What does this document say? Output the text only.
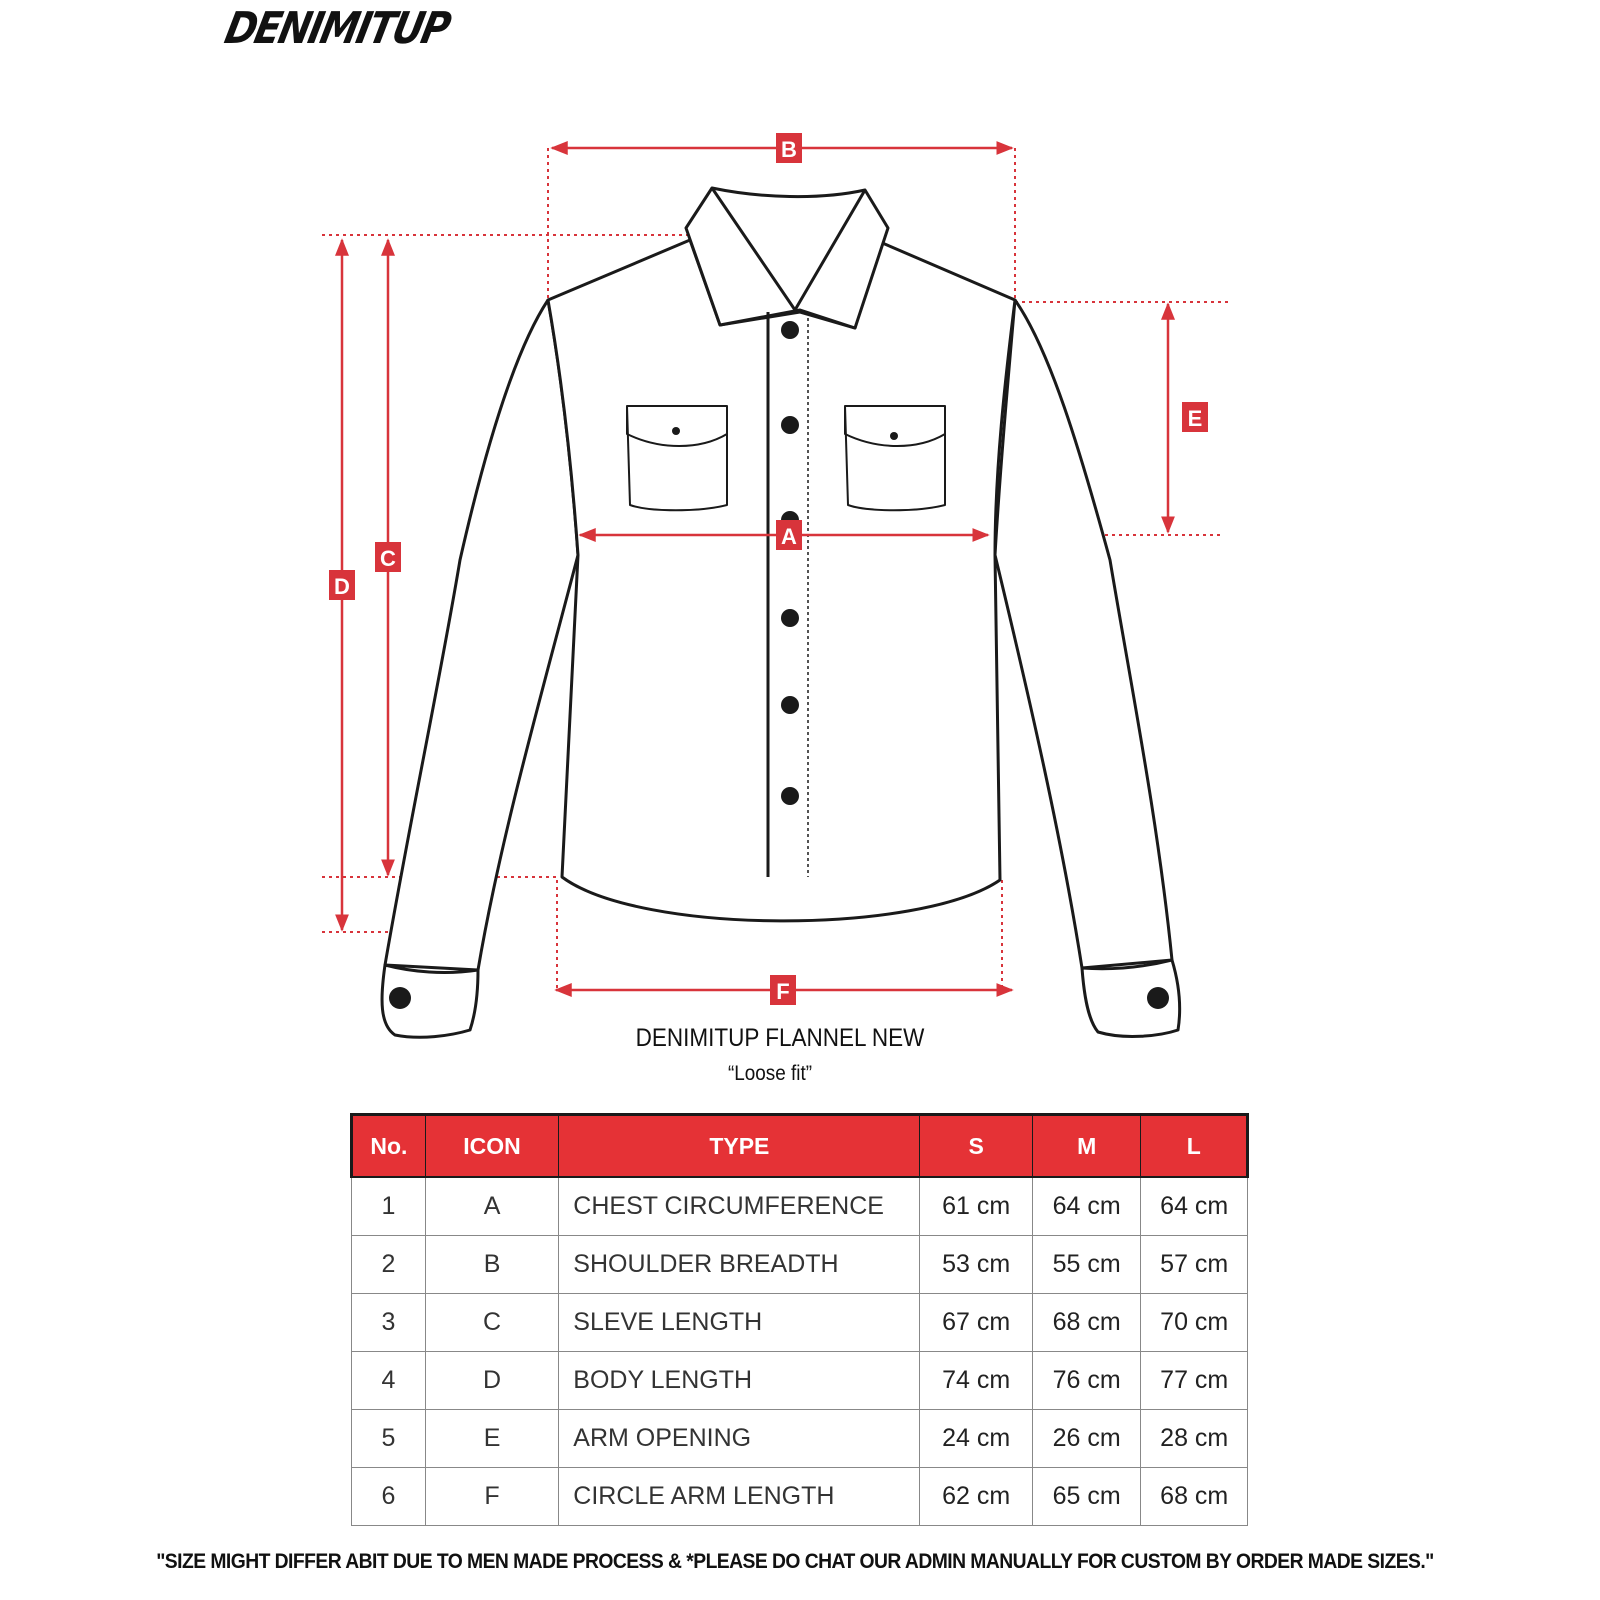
DENIMITUP
B
A
C
D
E
F
DENIMITUP FLANNEL NEW
“Loose fit”
No.	ICON	TYPE	S	M	L
1	A	CHEST CIRCUMFERENCE	61 cm	64 cm	64 cm
2	B	SHOULDER BREADTH	53 cm	55 cm	57 cm
3	C	SLEVE LENGTH	67 cm	68 cm	70 cm
4	D	BODY LENGTH	74 cm	76 cm	77 cm
5	E	ARM OPENING	24 cm	26 cm	28 cm
6	F	CIRCLE ARM LENGTH	62 cm	65 cm	68 cm
"SIZE MIGHT DIFFER ABIT DUE TO MEN MADE PROCESS & *PLEASE DO CHAT OUR ADMIN MANUALLY FOR CUSTOM BY ORDER MADE SIZES."
